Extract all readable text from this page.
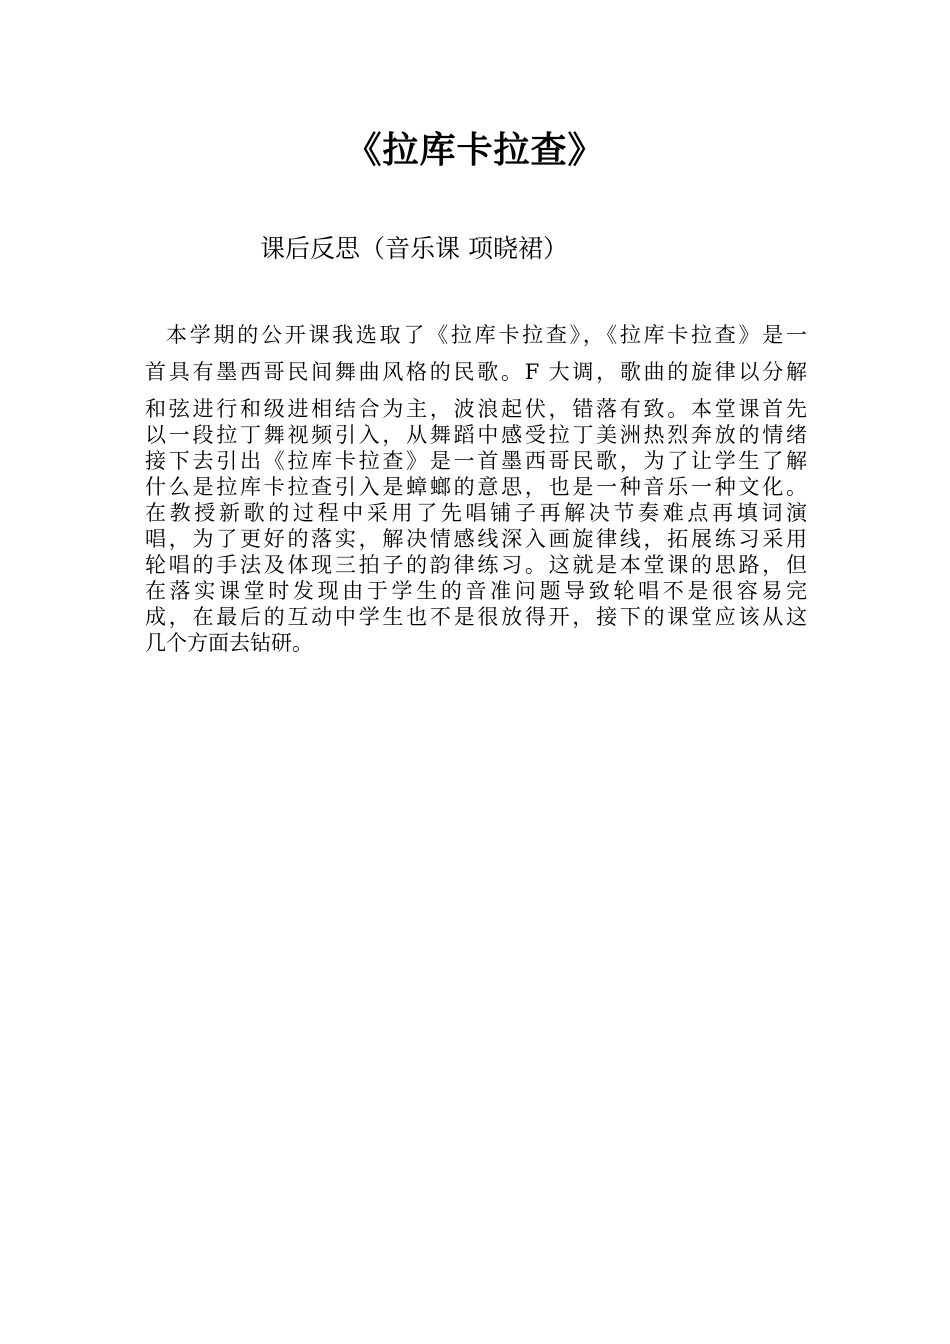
《拉库卡拉查》
课后反思（音乐课 项晓裙）
本学期的公开课我选取了《拉库卡拉查》，《拉库卡拉查》是一
首具有墨西哥民间舞曲风格的民歌。F 大调，歌曲的旋律以分解
和弦进行和级进相结合为主，波浪起伏，错落有致。本堂课首先
以一段拉丁舞视频引入，从舞蹈中感受拉丁美洲热烈奔放的情绪
接下去引出《拉库卡拉查》是一首墨西哥民歌，为了让学生了解
什么是拉库卡拉查引入是蟑螂的意思，也是一种音乐一种文化。
在教授新歌的过程中采用了先唱铺子再解决节奏难点再填词演
唱，为了更好的落实，解决情感线深入画旋律线，拓展练习采用
轮唱的手法及体现三拍子的韵律练习。这就是本堂课的思路，但
在落实课堂时发现由于学生的音准问题导致轮唱不是很容易完
成，在最后的互动中学生也不是很放得开，接下的课堂应该从这
几个方面去钻研。
